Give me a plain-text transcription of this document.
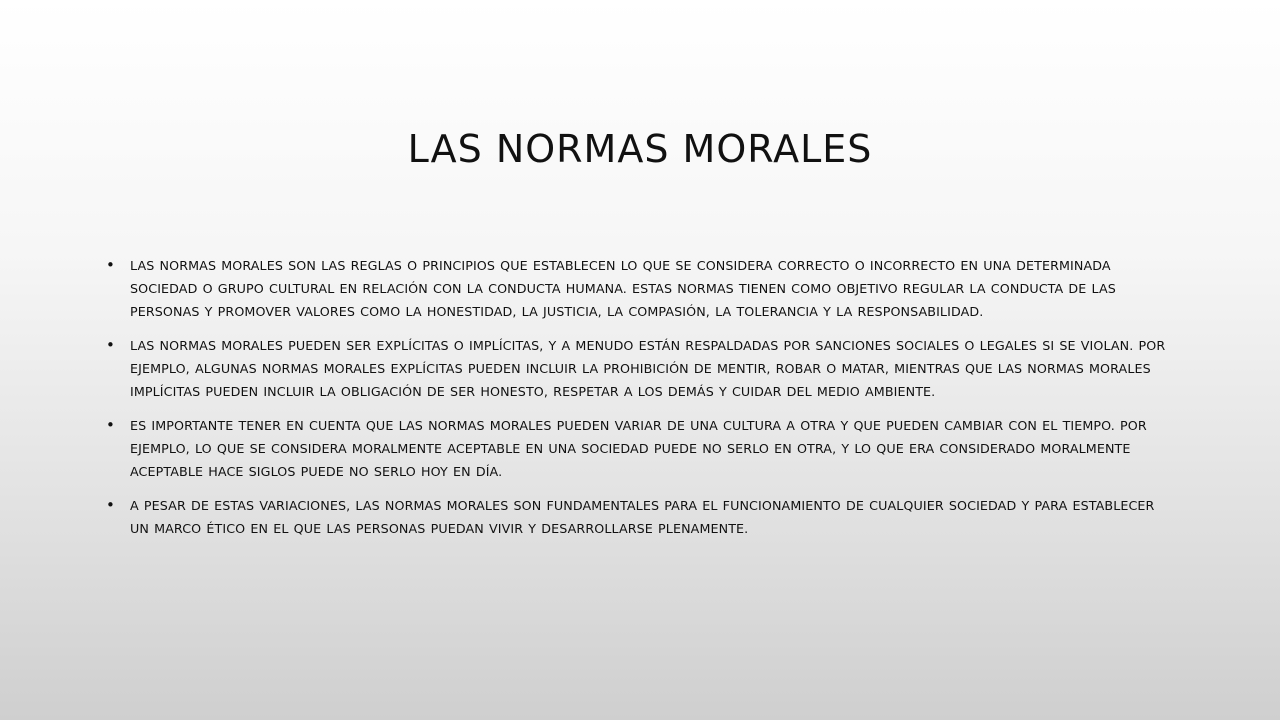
LAS NORMAS MORALES
• LAS NORMAS MORALES SON LAS REGLAS O PRINCIPIOS QUE ESTABLECEN LO QUE SE CONSIDERA CORRECTO O INCORRECTO EN UNA DETERMINADA SOCIEDAD O GRUPO CULTURAL EN RELACIÓN CON LA CONDUCTA HUMANA. ESTAS NORMAS TIENEN COMO OBJETIVO REGULAR LA CONDUCTA DE LAS PERSONAS Y PROMOVER VALORES COMO LA HONESTIDAD, LA JUSTICIA, LA COMPASIÓN, LA TOLERANCIA Y LA RESPONSABILIDAD.
• LAS NORMAS MORALES PUEDEN SER EXPLÍCITAS O IMPLÍCITAS, Y A MENUDO ESTÁN RESPALDADAS POR SANCIONES SOCIALES O LEGALES SI SE VIOLAN. POR EJEMPLO, ALGUNAS NORMAS MORALES EXPLÍCITAS PUEDEN INCLUIR LA PROHIBICIÓN DE MENTIR, ROBAR O MATAR, MIENTRAS QUE LAS NORMAS MORALES IMPLÍCITAS PUEDEN INCLUIR LA OBLIGACIÓN DE SER HONESTO, RESPETAR A LOS DEMÁS Y CUIDAR DEL MEDIO AMBIENTE.
• ES IMPORTANTE TENER EN CUENTA QUE LAS NORMAS MORALES PUEDEN VARIAR DE UNA CULTURA A OTRA Y QUE PUEDEN CAMBIAR CON EL TIEMPO. POR EJEMPLO, LO QUE SE CONSIDERA MORALMENTE ACEPTABLE EN UNA SOCIEDAD PUEDE NO SERLO EN OTRA, Y LO QUE ERA CONSIDERADO MORALMENTE ACEPTABLE HACE SIGLOS PUEDE NO SERLO HOY EN DÍA.
• A PESAR DE ESTAS VARIACIONES, LAS NORMAS MORALES SON FUNDAMENTALES PARA EL FUNCIONAMIENTO DE CUALQUIER SOCIEDAD Y PARA ESTABLECER UN MARCO ÉTICO EN EL QUE LAS PERSONAS PUEDAN VIVIR Y DESARROLLARSE PLENAMENTE.
